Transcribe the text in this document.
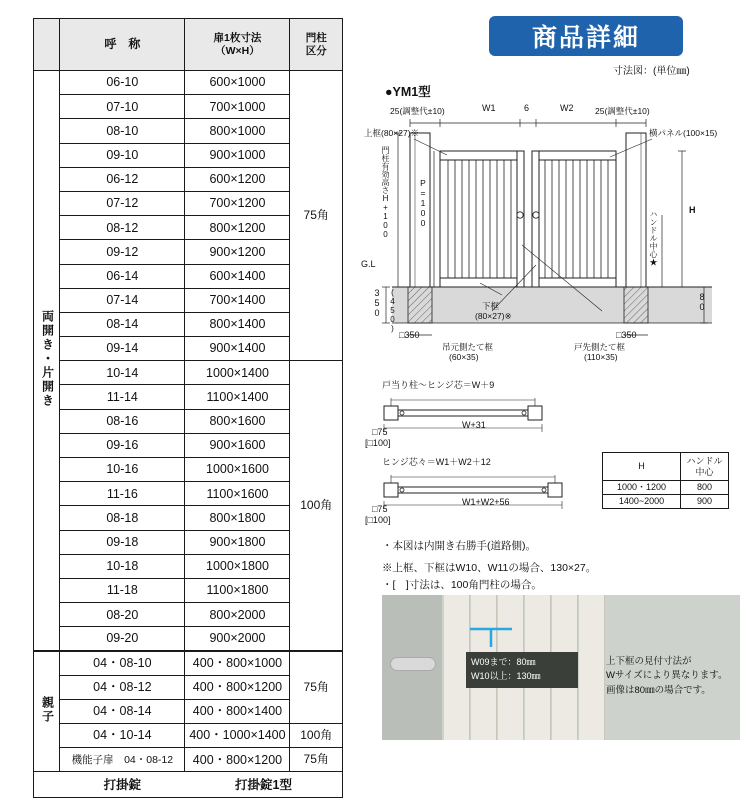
	呼　称	扉1枚寸法
（W×H）	門柱
区分
両開き・片開き	06-10	600×1000	75角
	07-10	700×1000	
	08-10	800×1000	
	09-10	900×1000	
	06-12	600×1200	
	07-12	700×1200	
	08-12	800×1200	
	09-12	900×1200	
	06-14	600×1400	
	07-14	700×1400	
	08-14	800×1400	
	09-14	900×1400	
	10-14	1000×1400	100角
	11-14	1100×1400	
	08-16	800×1600	
	09-16	900×1600	
	10-16	1000×1600	
	11-16	1100×1600	
	08-18	800×1800	
	09-18	900×1800	
	10-18	1000×1800	
	11-18	1100×1800	
	08-20	800×2000	
	09-20	900×2000	
親子	04・08-10	400・800×1000	75角
	04・08-12	400・800×1200	
	04・08-14	400・800×1400	
	04・10-14	400・1000×1400	100角
	機能子扉　04・08-12	400・800×1200	75角
	打掛錠	打掛錠1型	
商品詳細
寸法図：(単位㎜)
●YM1型
25(調整代±10)	25(調整代±10)
W1	6	W2
上框(80×27)※	横パネル(100×15)
門柱有効高さH+100	P=100	H
ハンドル中心★
G.L
350 (450)	80
□350	□350
下框
(80×27)※
吊元側たて框
(60×35)
戸先側たて框
(110×35)
戸当り柱～ヒンジ芯＝W＋9
W+31
□75
[□100]
ヒンジ芯々＝W1＋W2＋12
W1+W2+56
□75
[□100]
H	ハンドル
中心
1000・1200	800
1400~2000	900
・本図は内開き右勝手(道路側)。
※上框、下框はW10、W11の場合、130×27。
・[　]寸法は、100角門柱の場合。
W09まで：80㎜
W10以上：130㎜
上下框の見付寸法が
Wサイズにより異なります。
画像は80㎜の場合です。
